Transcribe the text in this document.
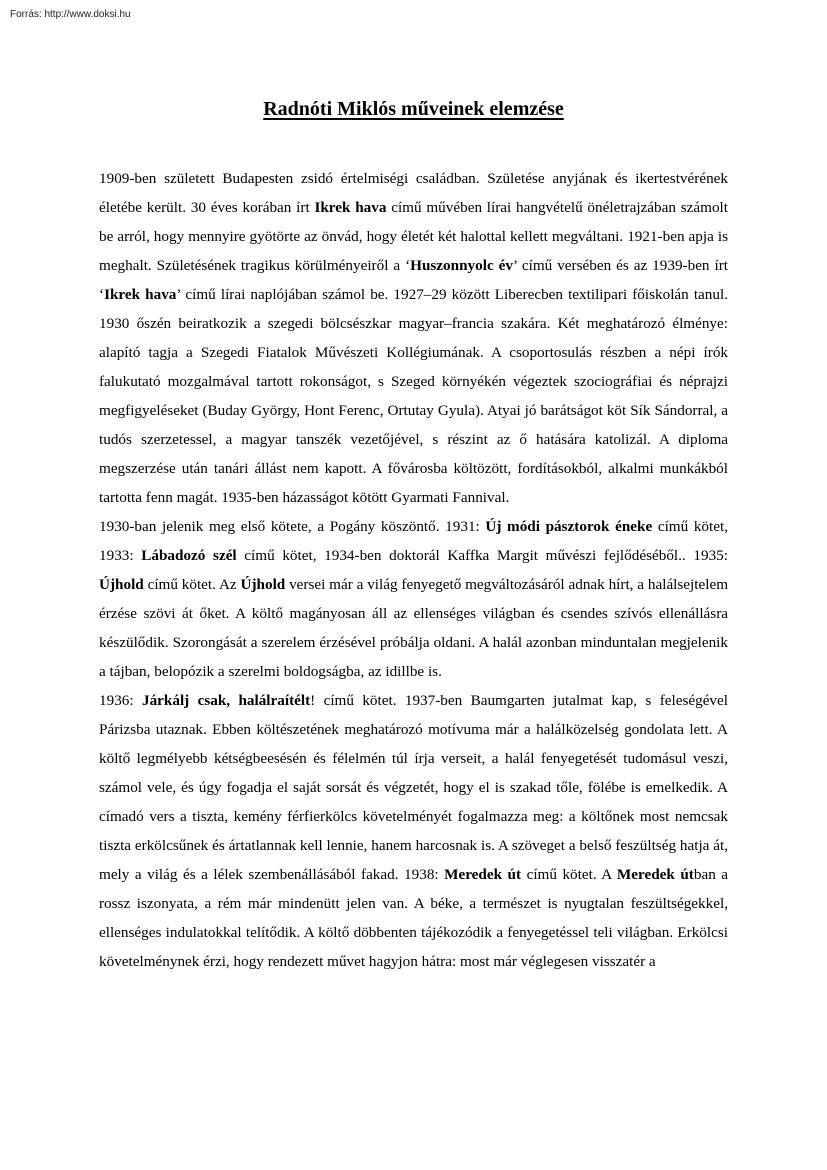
Forrás: http://www.doksi.hu
Radnóti Miklós műveinek elemzése

1909-ben született Budapesten zsidó értelmiségi családban. Születése anyjának és ikertestvérének életébe került. 30 éves korában írt Ikrek hava című művében lírai hangvételű önéletrajzában számolt be arról, hogy mennyire gyötörte az önvád, hogy életét két halottal kellett megváltani. 1921-ben apja is meghalt. Születésének tragikus körülményeiről a ‘Huszonnyolc év’ című versében és az 1939-ben írt ‘Ikrek hava’ című lírai naplójában számol be. 1927–29 között Liberecben textilipari főiskolán tanul. 1930 őszén beiratkozik a szegedi bölcsészkar magyar–francia szakára. Két meghatározó élménye: alapító tagja a Szegedi Fiatalok Művészeti Kollégiumának. A csoportosulás részben a népi írók falukutató mozgalmával tartott rokonságot, s Szeged környékén végeztek szociográfiai és néprajzi megfigyeléseket (Buday György, Hont Ferenc, Ortutay Gyula). Atyai jó barátságot köt Sík Sándorral, a tudós szerzetessel, a magyar tanszék vezetőjével, s részint az ő hatására katolizál. A diploma megszerzése után tanári állást nem kapott. A fővárosba költözött, fordításokból, alkalmi munkákból tartotta fenn magát. 1935-ben házasságot kötött Gyarmati Fannival.

1930-ban jelenik meg első kötete, a Pogány köszöntő. 1931: Új módi pásztorok éneke című kötet, 1933: Lábadozó szél című kötet, 1934-ben doktorál Kaffka Margit művészi fejlődéséből.. 1935: Újhold című kötet. Az Újhold versei már a világ fenyegető megváltozásáról adnak hírt, a halálsejtelem érzése szövi át őket. A költő magányosan áll az ellenséges világban és csendes szívós ellenállásra készülődik. Szorongását a szerelem érzésével próbálja oldani. A halál azonban minduntalan megjelenik a tájban, belopózik a szerelmi boldogságba, az idillbe is.

1936: Járkálj csak, halálraítélt! című kötet. 1937-ben Baumgarten jutalmat kap, s feleségével Párizsba utaznak. Ebben költészetének meghatározó motívuma már a halálközelség gondolata lett. A költő legmélyebb kétségbeesésén és félelmén túl írja verseit, a halál fenyegetését tudomásul veszi, számol vele, és úgy fogadja el saját sorsát és végzetét, hogy el is szakad tőle, fölébe is emelkedik. A címadó vers a tiszta, kemény férfierkölcs követelményét fogalmazza meg: a költőnek most nemcsak tiszta erkölcsűnek és ártatlannak kell lennie, hanem harcosnak is. A szöveget a belső feszültség hatja át, mely a világ és a lélek szembenállásából fakad. 1938: Meredek út című kötet. A Meredek útban a rossz iszonyata, a rém már mindenütt jelen van. A béke, a természet is nyugtalan feszültségekkel, ellenséges indulatokkal telítődik. A költő döbbenten tájékozódik a fenyegetéssel teli világban. Erkölcsi követelménynek érzi, hogy rendezett művet hagyjon hátra: most már véglegesen visszatér a
